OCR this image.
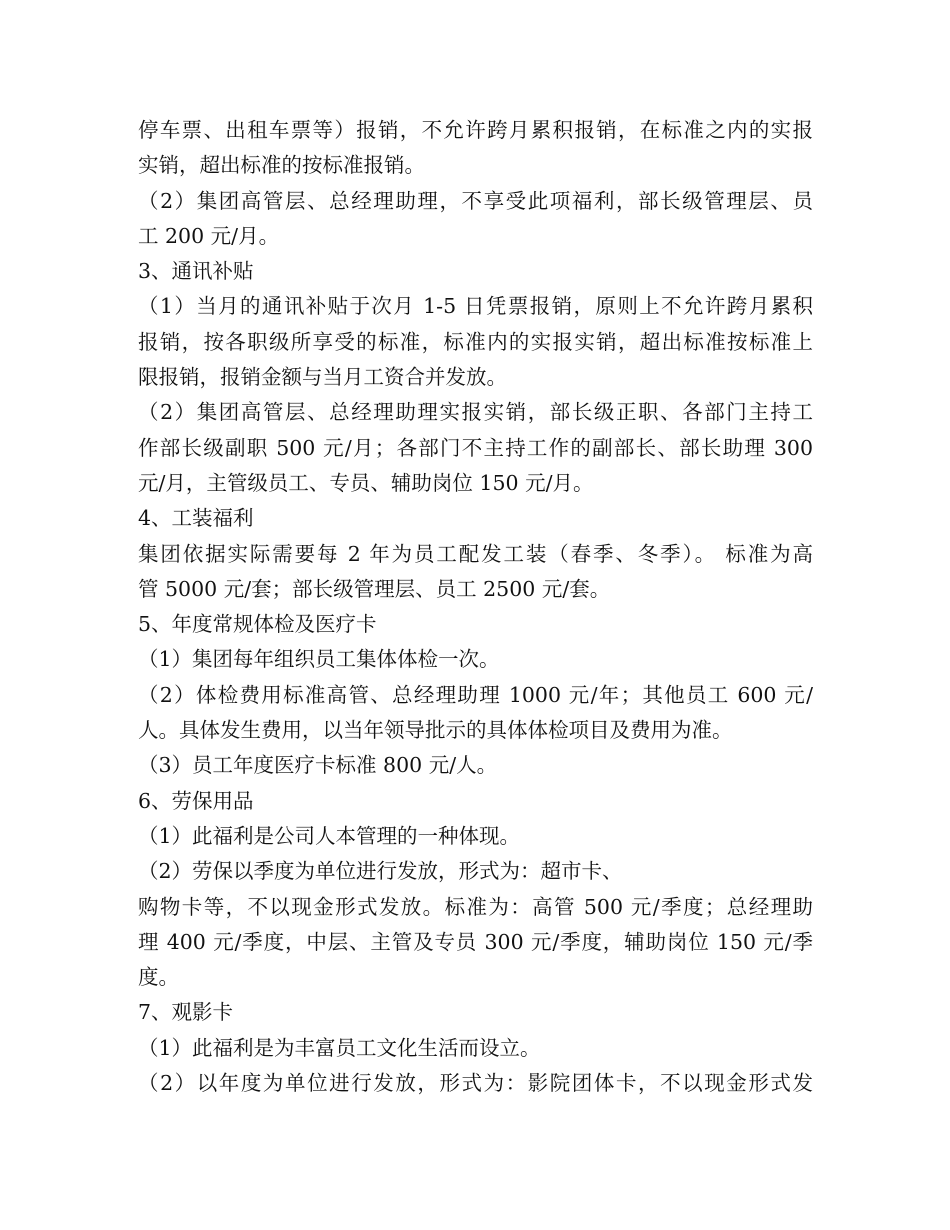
停车票、出租车票等）报销，不允许跨月累积报销，在标准之内的实报
实销，超出标准的按标准报销。
（2）集团高管层、总经理助理，不享受此项福利，部长级管理层、员
工 200 元/月。
3、通讯补贴
（1）当月的通讯补贴于次月 1-5 日凭票报销，原则上不允许跨月累积
报销，按各职级所享受的标准，标准内的实报实销，超出标准按标准上
限报销，报销金额与当月工资合并发放。
（2）集团高管层、总经理助理实报实销，部长级正职、各部门主持工
作部长级副职 500 元/月；各部门不主持工作的副部长、部长助理 300
元/月，主管级员工、专员、辅助岗位 150 元/月。
4、工装福利
集团依据实际需要每 2 年为员工配发工装（春季、冬季）。 标准为高
管 5000 元/套；部长级管理层、员工 2500 元/套。
5、年度常规体检及医疗卡
（1）集团每年组织员工集体体检一次。
（2）体检费用标准高管、总经理助理 1000 元/年；其他员工 600 元/
人。具体发生费用，以当年领导批示的具体体检项目及费用为准。
（3）员工年度医疗卡标准 800 元/人。
6、劳保用品
（1）此福利是公司人本管理的一种体现。
（2）劳保以季度为单位进行发放，形式为：超市卡、
购物卡等，不以现金形式发放。标准为：高管 500 元/季度；总经理助
理 400 元/季度，中层、主管及专员 300 元/季度，辅助岗位 150 元/季
度。
7、观影卡
（1）此福利是为丰富员工文化生活而设立。
（2）以年度为单位进行发放，形式为：影院团体卡，不以现金形式发
